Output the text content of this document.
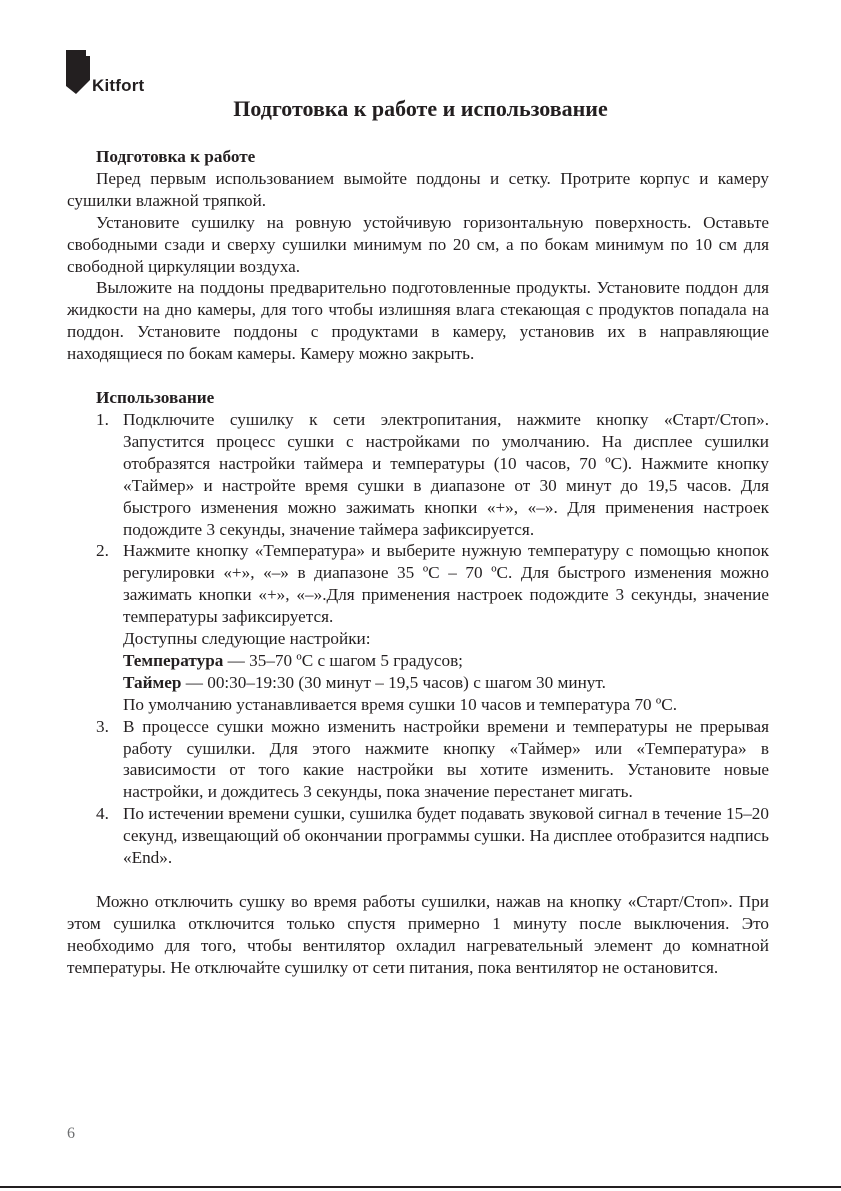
Kitfort
Подготовка к работе и использование
Подготовка к работе

Перед первым использованием вымойте поддоны и сетку. Протрите корпус и камеру сушилки влажной тряпкой.

Установите сушилку на ровную устойчивую горизонтальную поверхность. Оставьте свободными сзади и сверху сушилки минимум по 20 см, а по бокам минимум по 10 см для свободной циркуляции воздуха.

Выложите на поддоны предварительно подготовленные продукты. Установите поддон для жидкости на дно камеры, для того чтобы излишняя влага стекающая с продуктов попадала на поддон. Установите поддоны с продуктами в камеру, установив их в направляющие находящиеся по бокам камеры. Камеру можно закрыть.

Использование
1. Подключите сушилку к сети электропитания, нажмите кнопку «Старт/Стоп». Запустится процесс сушки с настройками по умолчанию. На дисплее сушилки отобразятся настройки таймера и температуры (10 часов, 70 ºС). Нажмите кнопку «Таймер» и настройте время сушки в диапазоне от 30 минут до 19,5 часов. Для быстрого изменения можно зажимать кнопки «+», «–». Для применения настроек подождите 3 секунды, значение таймера зафиксируется.
2. Нажмите кнопку «Температура» и выберите нужную температуру с помощью кнопок регулировки «+», «–» в диапазоне 35 ºС – 70 ºС. Для быстрого изменения можно зажимать кнопки «+», «–».Для применения настроек подождите 3 секунды, значение температуры зафиксируется.
Доступны следующие настройки:
Температура — 35–70 ºС с шагом 5 градусов;
Таймер — 00:30–19:30 (30 минут – 19,5 часов) с шагом 30 минут.
По умолчанию устанавливается время сушки 10 часов и температура 70 ºС.
3. В процессе сушки можно изменить настройки времени и температуры не прерывая работу сушилки. Для этого нажмите кнопку «Таймер» или «Температура» в зависимости от того какие настройки вы хотите изменить. Установите новые настройки, и дождитесь 3 секунды, пока значение перестанет мигать.
4. По истечении времени сушки, сушилка будет подавать звуковой сигнал в течение 15–20 секунд, извещающий об окончании программы сушки. На дисплее отобразится надпись «End».

Можно отключить сушку во время работы сушилки, нажав на кнопку «Старт/Стоп». При этом сушилка отключится только спустя примерно 1 минуту после выключения. Это необходимо для того, чтобы вентилятор охладил нагревательный элемент до комнатной температуры. Не отключайте сушилку от сети питания, пока вентилятор не остановится.

6
